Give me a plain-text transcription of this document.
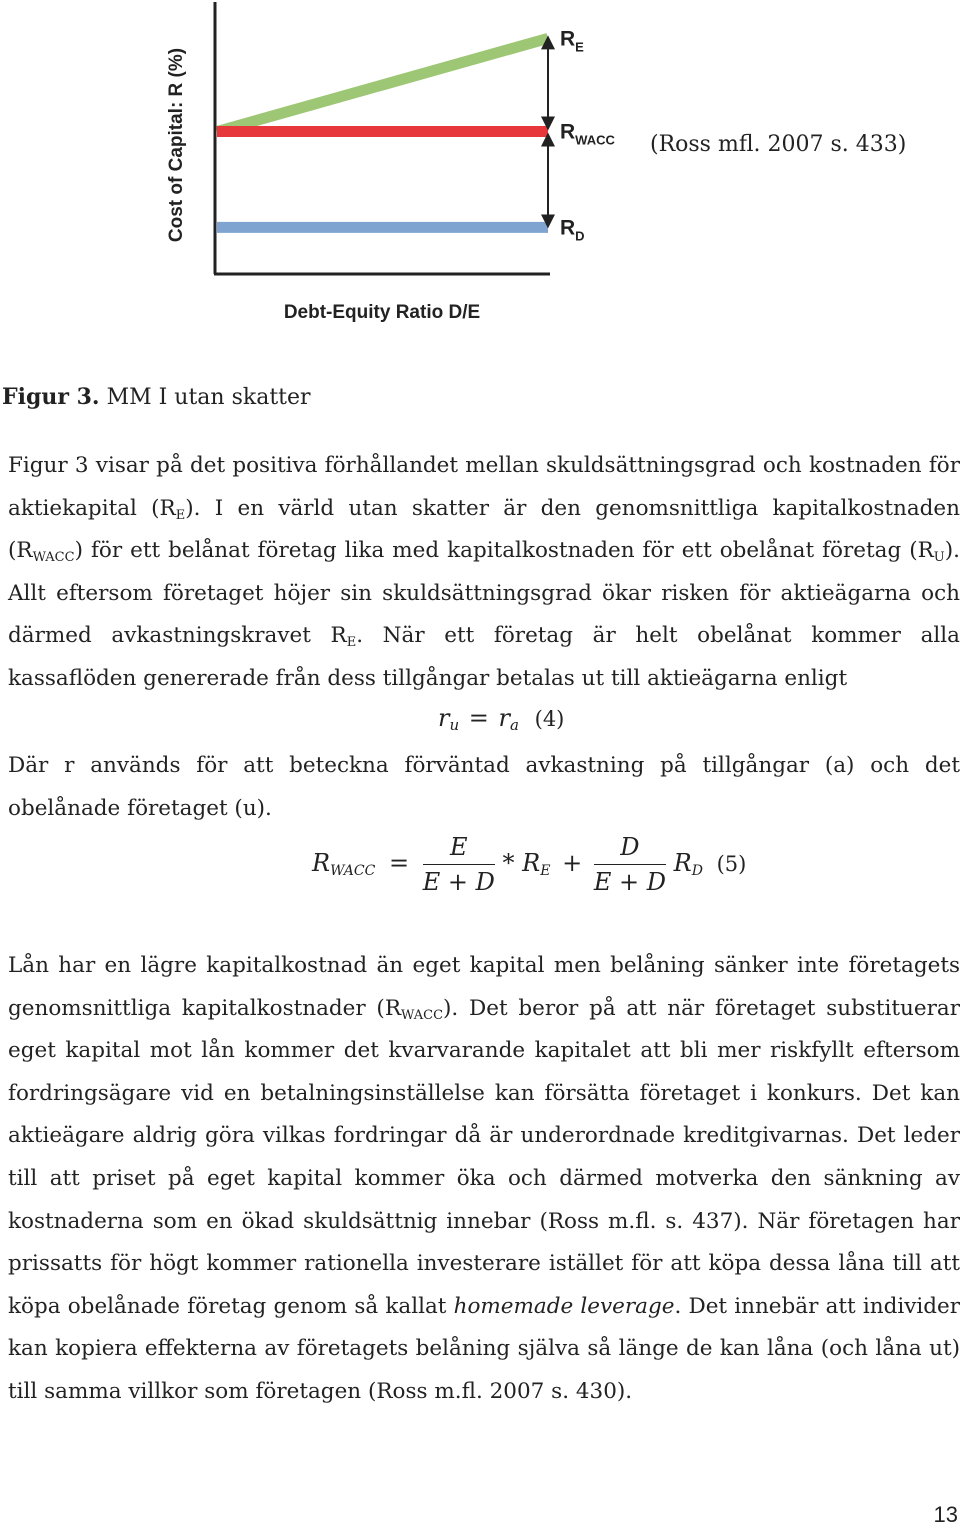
Cost of Capital: R (%)
Debt-Equity Ratio D/E
$R_E$
$R_{WACC}$
$R_D$
(Ross mfl. 2007 s. 433)
Figur 3. MM I utan skatter

Figur 3 visar på det positiva förhållandet mellan skuldsättningsgrad och kostnaden för aktiekapital $(R_E)$. I en värld utan skatter är den genomsnittliga kapitalkostnaden $(R_{WACC})$ för ett belånat företag lika med kapitalkostnaden för ett obelånat företag $(R_U)$. Allt eftersom företaget höjer sin skuldsättningsgrad ökar risken för aktieägarna och därmed avkastningskravet $R_E$. När ett företag är helt obelånat kommer alla kassaflöden genererade från dess tillgångar betalas ut till aktieägarna enligt

$r_u = r_a$ (4)

Där r används för att beteckna förväntad avkastning på tillgångar (a) och det obelånade företaget (u).

$R_{WACC} = \frac{E}{E + D} * R_E + \frac{D}{E + D} R_D$ (5)

Lån har en lägre kapitalkostnad än eget kapital men belåning sänker inte företagets genomsnittliga kapitalkostnader $(R_{WACC})$. Det beror på att när företaget substituerar eget kapital mot lån kommer det kvarvarande kapitalet att bli mer riskfyllt eftersom fordringsägare vid en betalningsinställelse kan försätta företaget i konkurs. Det kan aktieägare aldrig göra vilkas fordringar då är underordnade kreditgivarnas. Det leder till att priset på eget kapital kommer öka och därmed motverka den sänkning av kostnaderna som en ökad skuldsättnig innebar (Ross m.fl. s. 437). När företagen har prissatts för högt kommer rationella investerare istället för att köpa dessa låna till att köpa obelånade företag genom så kallat homemade leverage. Det innebär att individer kan kopiera effekterna av företagets belåning själva så länge de kan låna (och låna ut) till samma villkor som företagen (Ross m.fl. 2007 s. 430).

13
